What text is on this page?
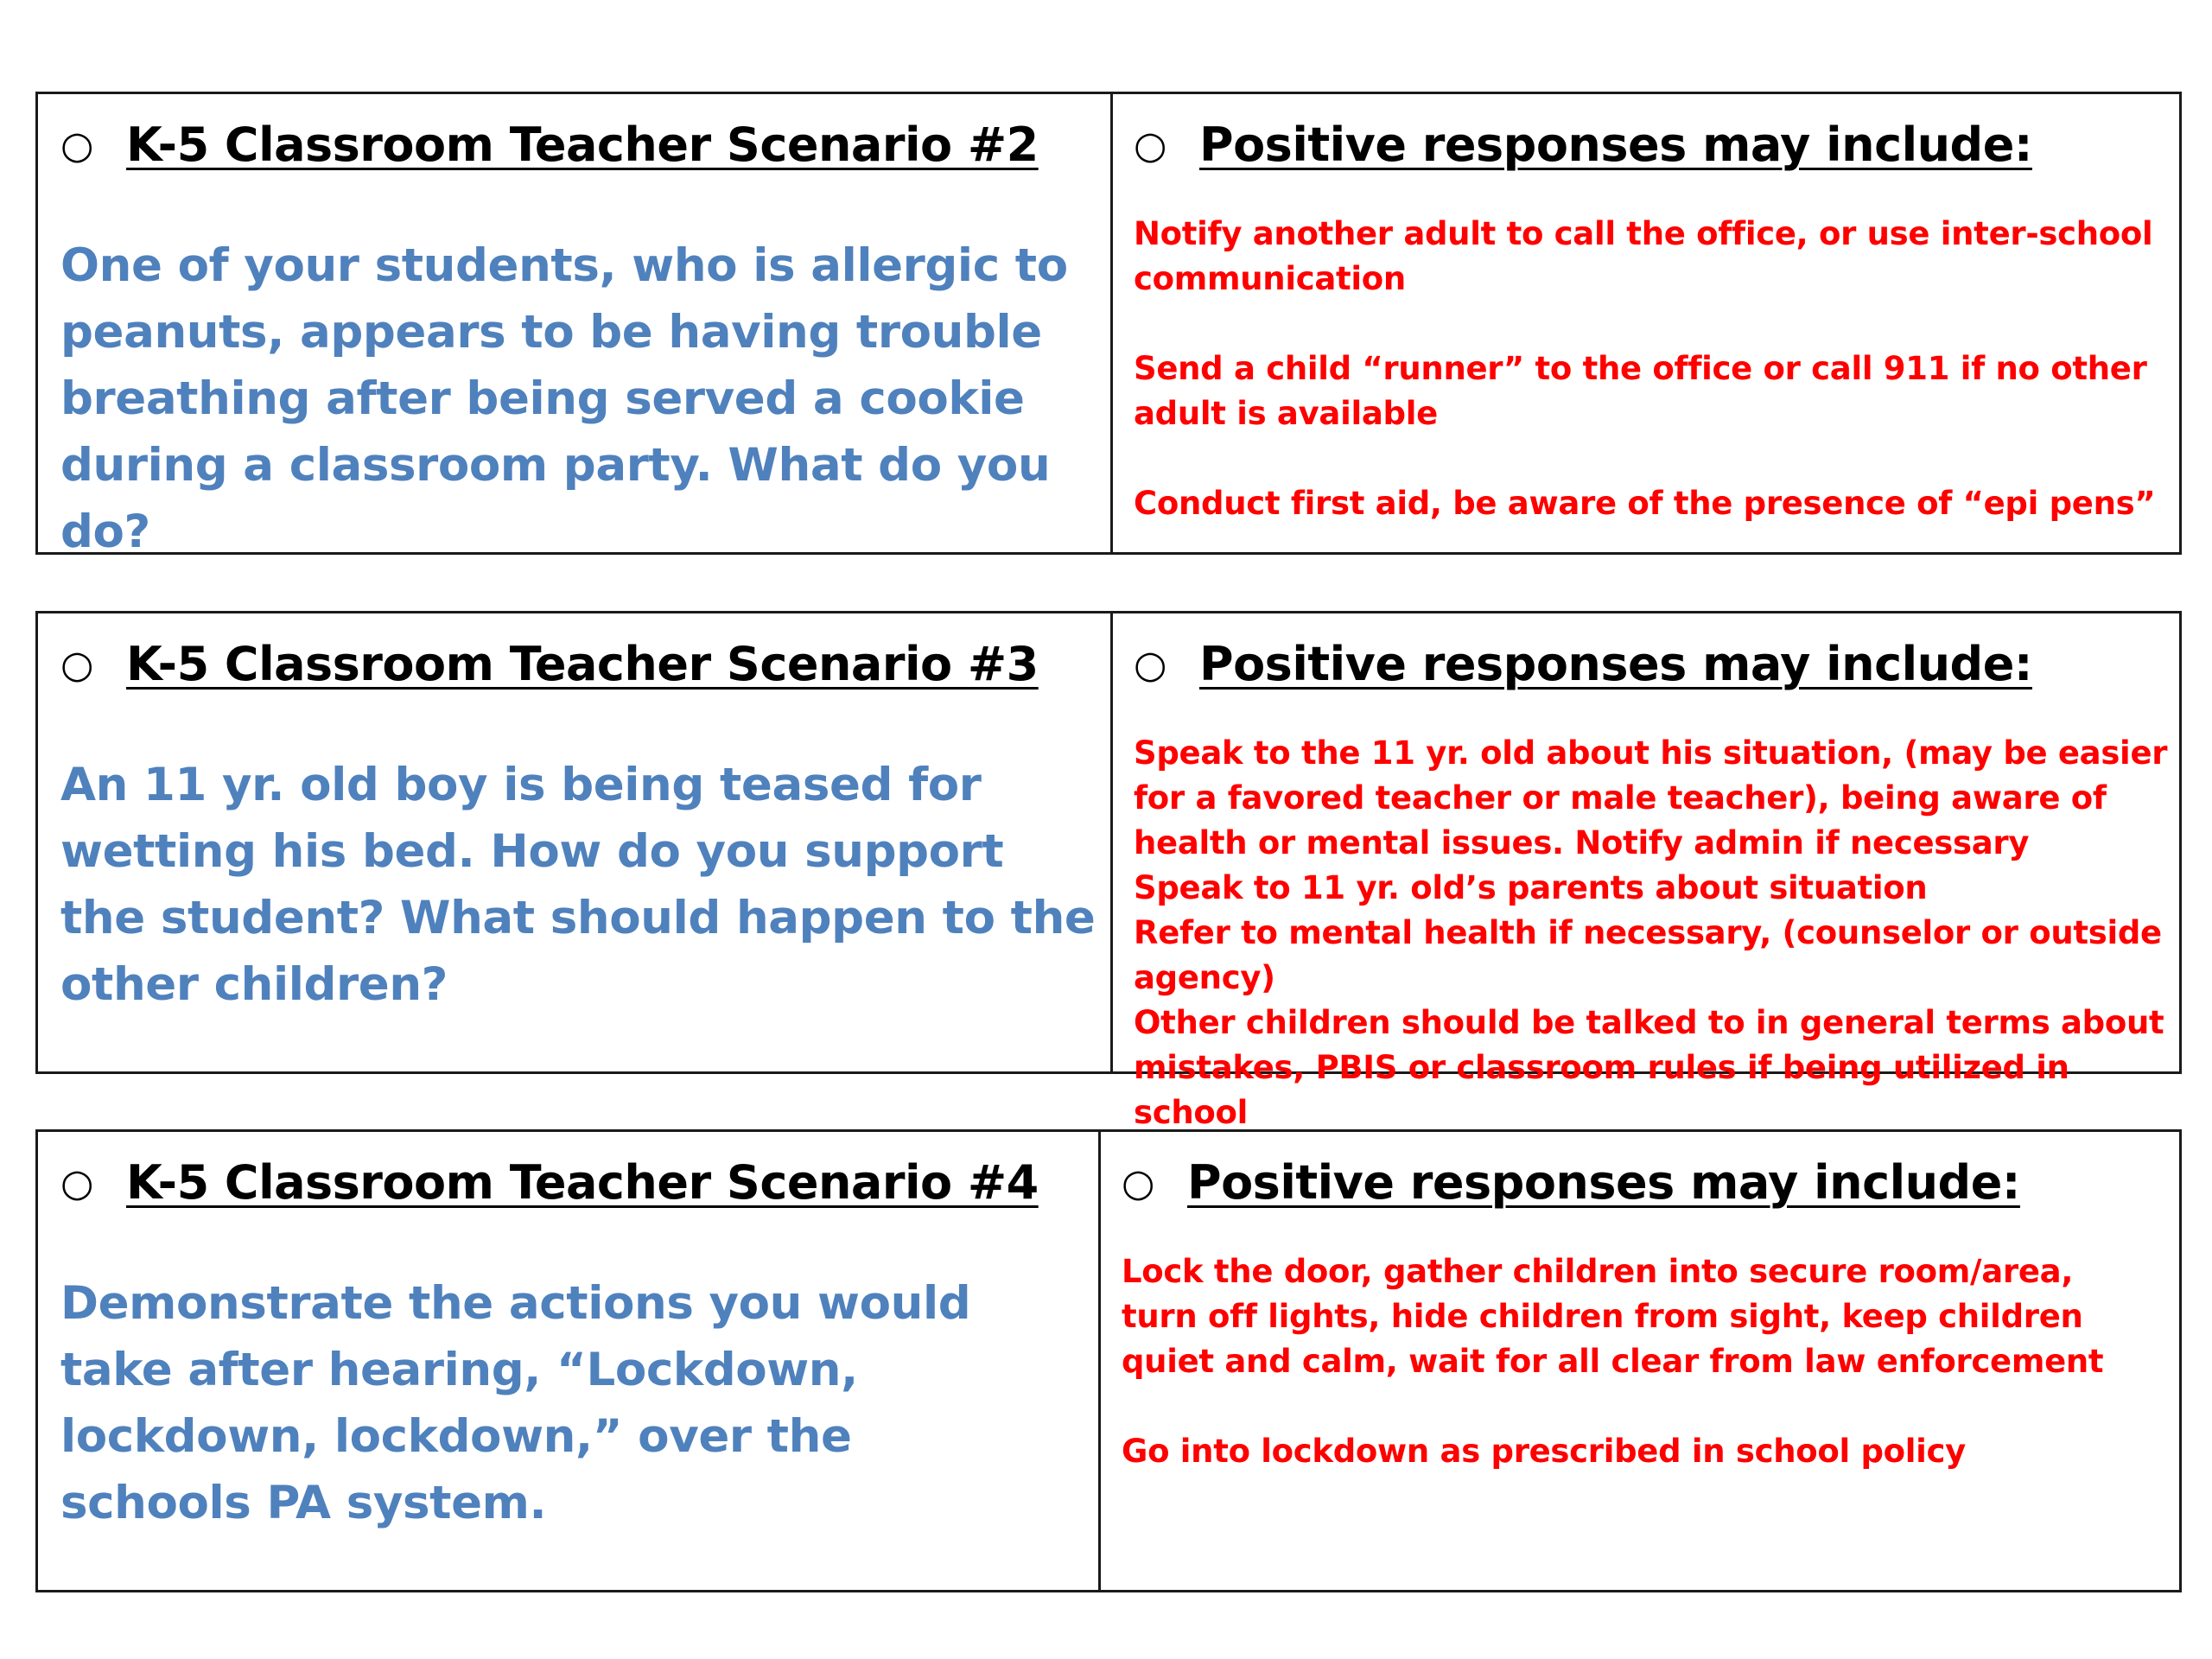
○ K-5 Classroom Teacher Scenario #2
One of your students, who is allergic to peanuts, appears to be having trouble breathing after being served a cookie during a classroom party. What do you do?
○ Positive responses may include:
Notify another adult to call the office, or use inter-school communication
Send a child “runner” to the office or call 911 if no other adult is available
Conduct first aid, be aware of the presence of “epi pens”
○ K-5 Classroom Teacher Scenario #3
An 11 yr. old boy is being teased for wetting his bed. How do you support the student? What should happen to the other children?
○ Positive responses may include:
Speak to the 11 yr. old about his situation, (may be easier for a favored teacher or male teacher), being aware of health or mental issues. Notify admin if necessary
Speak to 11 yr. old’s parents about situation
Refer to mental health if necessary, (counselor or outside agency)
Other children should be talked to in general terms about mistakes, PBIS or classroom rules if being utilized in school
○ K-5 Classroom Teacher Scenario #4
Demonstrate the actions you would take after hearing, “Lockdown, lockdown, lockdown,” over the schools PA system.
○ Positive responses may include:
Lock the door, gather children into secure room/area, turn off lights, hide children from sight, keep children quiet and calm, wait for all clear from law enforcement
Go into lockdown as prescribed in school policy
